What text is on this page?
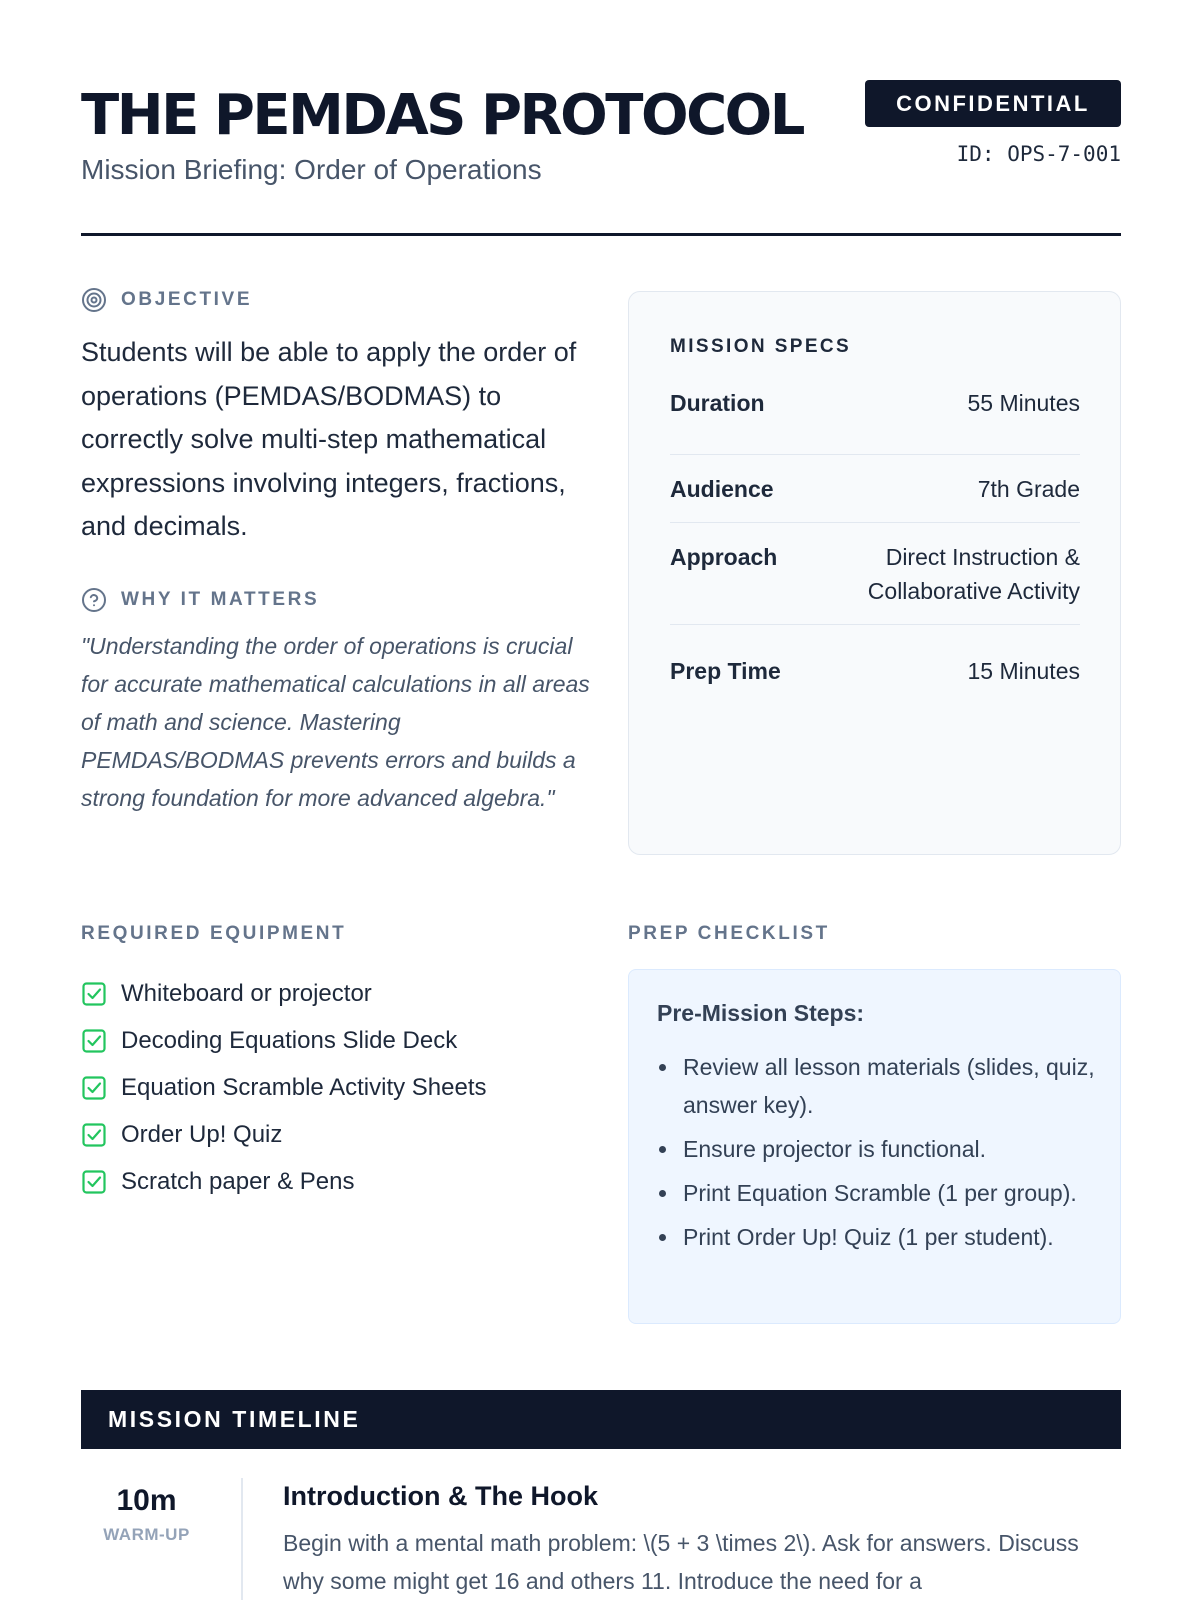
THE PEMDAS PROTOCOL
Mission Briefing: Order of Operations
CONFIDENTIAL
ID: OPS-7-001
OBJECTIVE
Students will be able to apply the order of operations (PEMDAS/BODMAS) to correctly solve multi-step mathematical expressions involving integers, fractions, and decimals.
WHY IT MATTERS
"Understanding the order of operations is crucial for accurate mathematical calculations in all areas of math and science. Mastering PEMDAS/BODMAS prevents errors and builds a strong foundation for more advanced algebra."
MISSION SPECS
Duration	55 Minutes
Audience	7th Grade
Approach	Direct Instruction &
Collaborative Activity
Prep Time	15 Minutes
REQUIRED EQUIPMENT
Whiteboard or projector
Decoding Equations Slide Deck
Equation Scramble Activity Sheets
Order Up! Quiz
Scratch paper & Pens
PREP CHECKLIST
Pre-Mission Steps:
Review all lesson materials (slides, quiz, answer key).
Ensure projector is functional.
Print Equation Scramble (1 per group).
Print Order Up! Quiz (1 per student).
MISSION TIMELINE
10m
WARM-UP
Introduction & The Hook
Begin with a mental math problem: \(5 + 3 \times 2\). Ask for answers. Discuss why some might get 16 and others 11. Introduce the need for a
